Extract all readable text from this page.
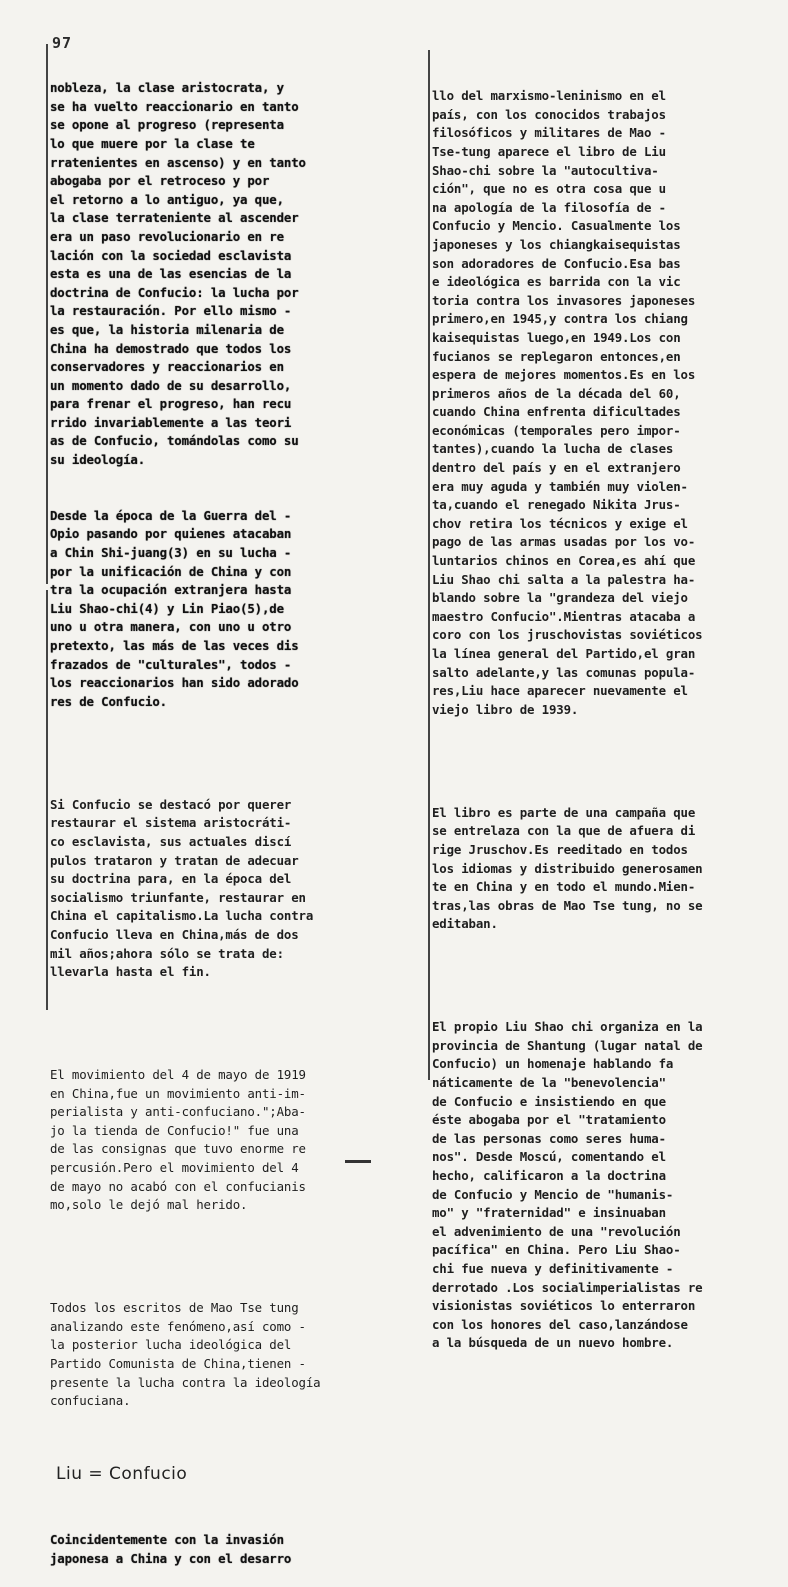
97

nobleza, la clase aristocrata, y
se ha vuelto reaccionario en tanto
se opone al progreso (representa
lo que muere por la clase te
rratenientes en ascenso) y en tanto
abogaba por el retroceso y por
el retorno a lo antiguo, ya que,
la clase terrateniente al ascender
era un paso revolucionario en re
lación con la sociedad esclavista
esta es una de las esencias de la
doctrina de Confucio: la lucha por
la restauración. Por ello mismo -
es que, la historia milenaria de
China ha demostrado que todos los
conservadores y reaccionarios en
un momento dado de su desarrollo,
para frenar el progreso, han recu
rrido invariablemente a las teori
as de Confucio, tomándolas como su
su ideología.

Desde la época de la Guerra del -
Opio pasando por quienes atacaban
a Chin Shi-juang(3) en su lucha -
por la unificación de China y con
tra la ocupación extranjera hasta
Liu Shao-chi(4) y Lin Piao(5),de
uno u otra manera, con uno u otro
pretexto, las más de las veces dis
frazados de "culturales", todos -
los reaccionarios han sido adorado
res de Confucio.

Si Confucio se destacó por querer
restaurar el sistema aristocráti-
co esclavista, sus actuales discí
pulos trataron y tratan de adecuar
su doctrina para, en la época del
socialismo triunfante, restaurar en
China el capitalismo.La lucha contra
Confucio lleva en China,más de dos
mil años;ahora sólo se trata de:
llevarla hasta el fin.

El movimiento del 4 de mayo de 1919
en China,fue un movimiento anti-im-
perialista y anti-confuciano.";Aba-
jo la tienda de Confucio!" fue una
de las consignas que tuvo enorme re
percusión.Pero el movimiento del 4
de mayo no acabó con el confucianis
mo,solo le dejó mal herido.

Todos los escritos de Mao Tse tung
analizando este fenómeno,así como -
la posterior lucha ideológica del
Partido Comunista de China,tienen -
presente la lucha contra la ideología
confuciana.

Liu = Confucio

Coincidentemente con la invasión
japonesa a China y con el desarro

llo del marxismo-leninismo en el
país, con los conocidos trabajos
filosóficos y militares de Mao -
Tse-tung aparece el libro de Liu
Shao-chi sobre la "autocultiva-
ción", que no es otra cosa que u
na apología de la filosofía de -
Confucio y Mencio. Casualmente los
japoneses y los chiangkaisequistas
son adoradores de Confucio.Esa bas
e ideológica es barrida con la vic
toria contra los invasores japoneses
primero,en 1945,y contra los chiang
kaisequistas luego,en 1949.Los con
fucianos se replegaron entonces,en
espera de mejores momentos.Es en los
primeros años de la década del 60,
cuando China enfrenta dificultades
económicas (temporales pero impor-
tantes),cuando la lucha de clases
dentro del país y en el extranjero
era muy aguda y también muy violen-
ta,cuando el renegado Nikita Jrus-
chov retira los técnicos y exige el
pago de las armas usadas por los vo-
luntarios chinos en Corea,es ahí que
Liu Shao chi salta a la palestra ha-
blando sobre la "grandeza del viejo
maestro Confucio".Mientras atacaba a
coro con los jruschovistas soviéticos
la línea general del Partido,el gran
salto adelante,y las comunas popula-
res,Liu hace aparecer nuevamente el
viejo libro de 1939.

El libro es parte de una campaña que
se entrelaza con la que de afuera di
rige Jruschov.Es reeditado en todos
los idiomas y distribuido generosamen
te en China y en todo el mundo.Mien-
tras,las obras de Mao Tse tung, no se
editaban.

El propio Liu Shao chi organiza en la
provincia de Shantung (lugar natal de
Confucio) un homenaje hablando fa
náticamente de la "benevolencia"
de Confucio e insistiendo en que
éste abogaba por el "tratamiento
de las personas como seres huma-
nos". Desde Moscú, comentando el
hecho, calificaron a la doctrina
de Confucio y Mencio de "humanis-
mo" y "fraternidad" e insinuaban
el advenimiento de una "revolución
pacífica" en China. Pero Liu Shao-
chi fue nueva y definitivamente -
derrotado .Los socialimperialistas re
visionistas soviéticos lo enterraron
con los honores del caso,lanzándose
a la búsqueda de un nuevo hombre.
